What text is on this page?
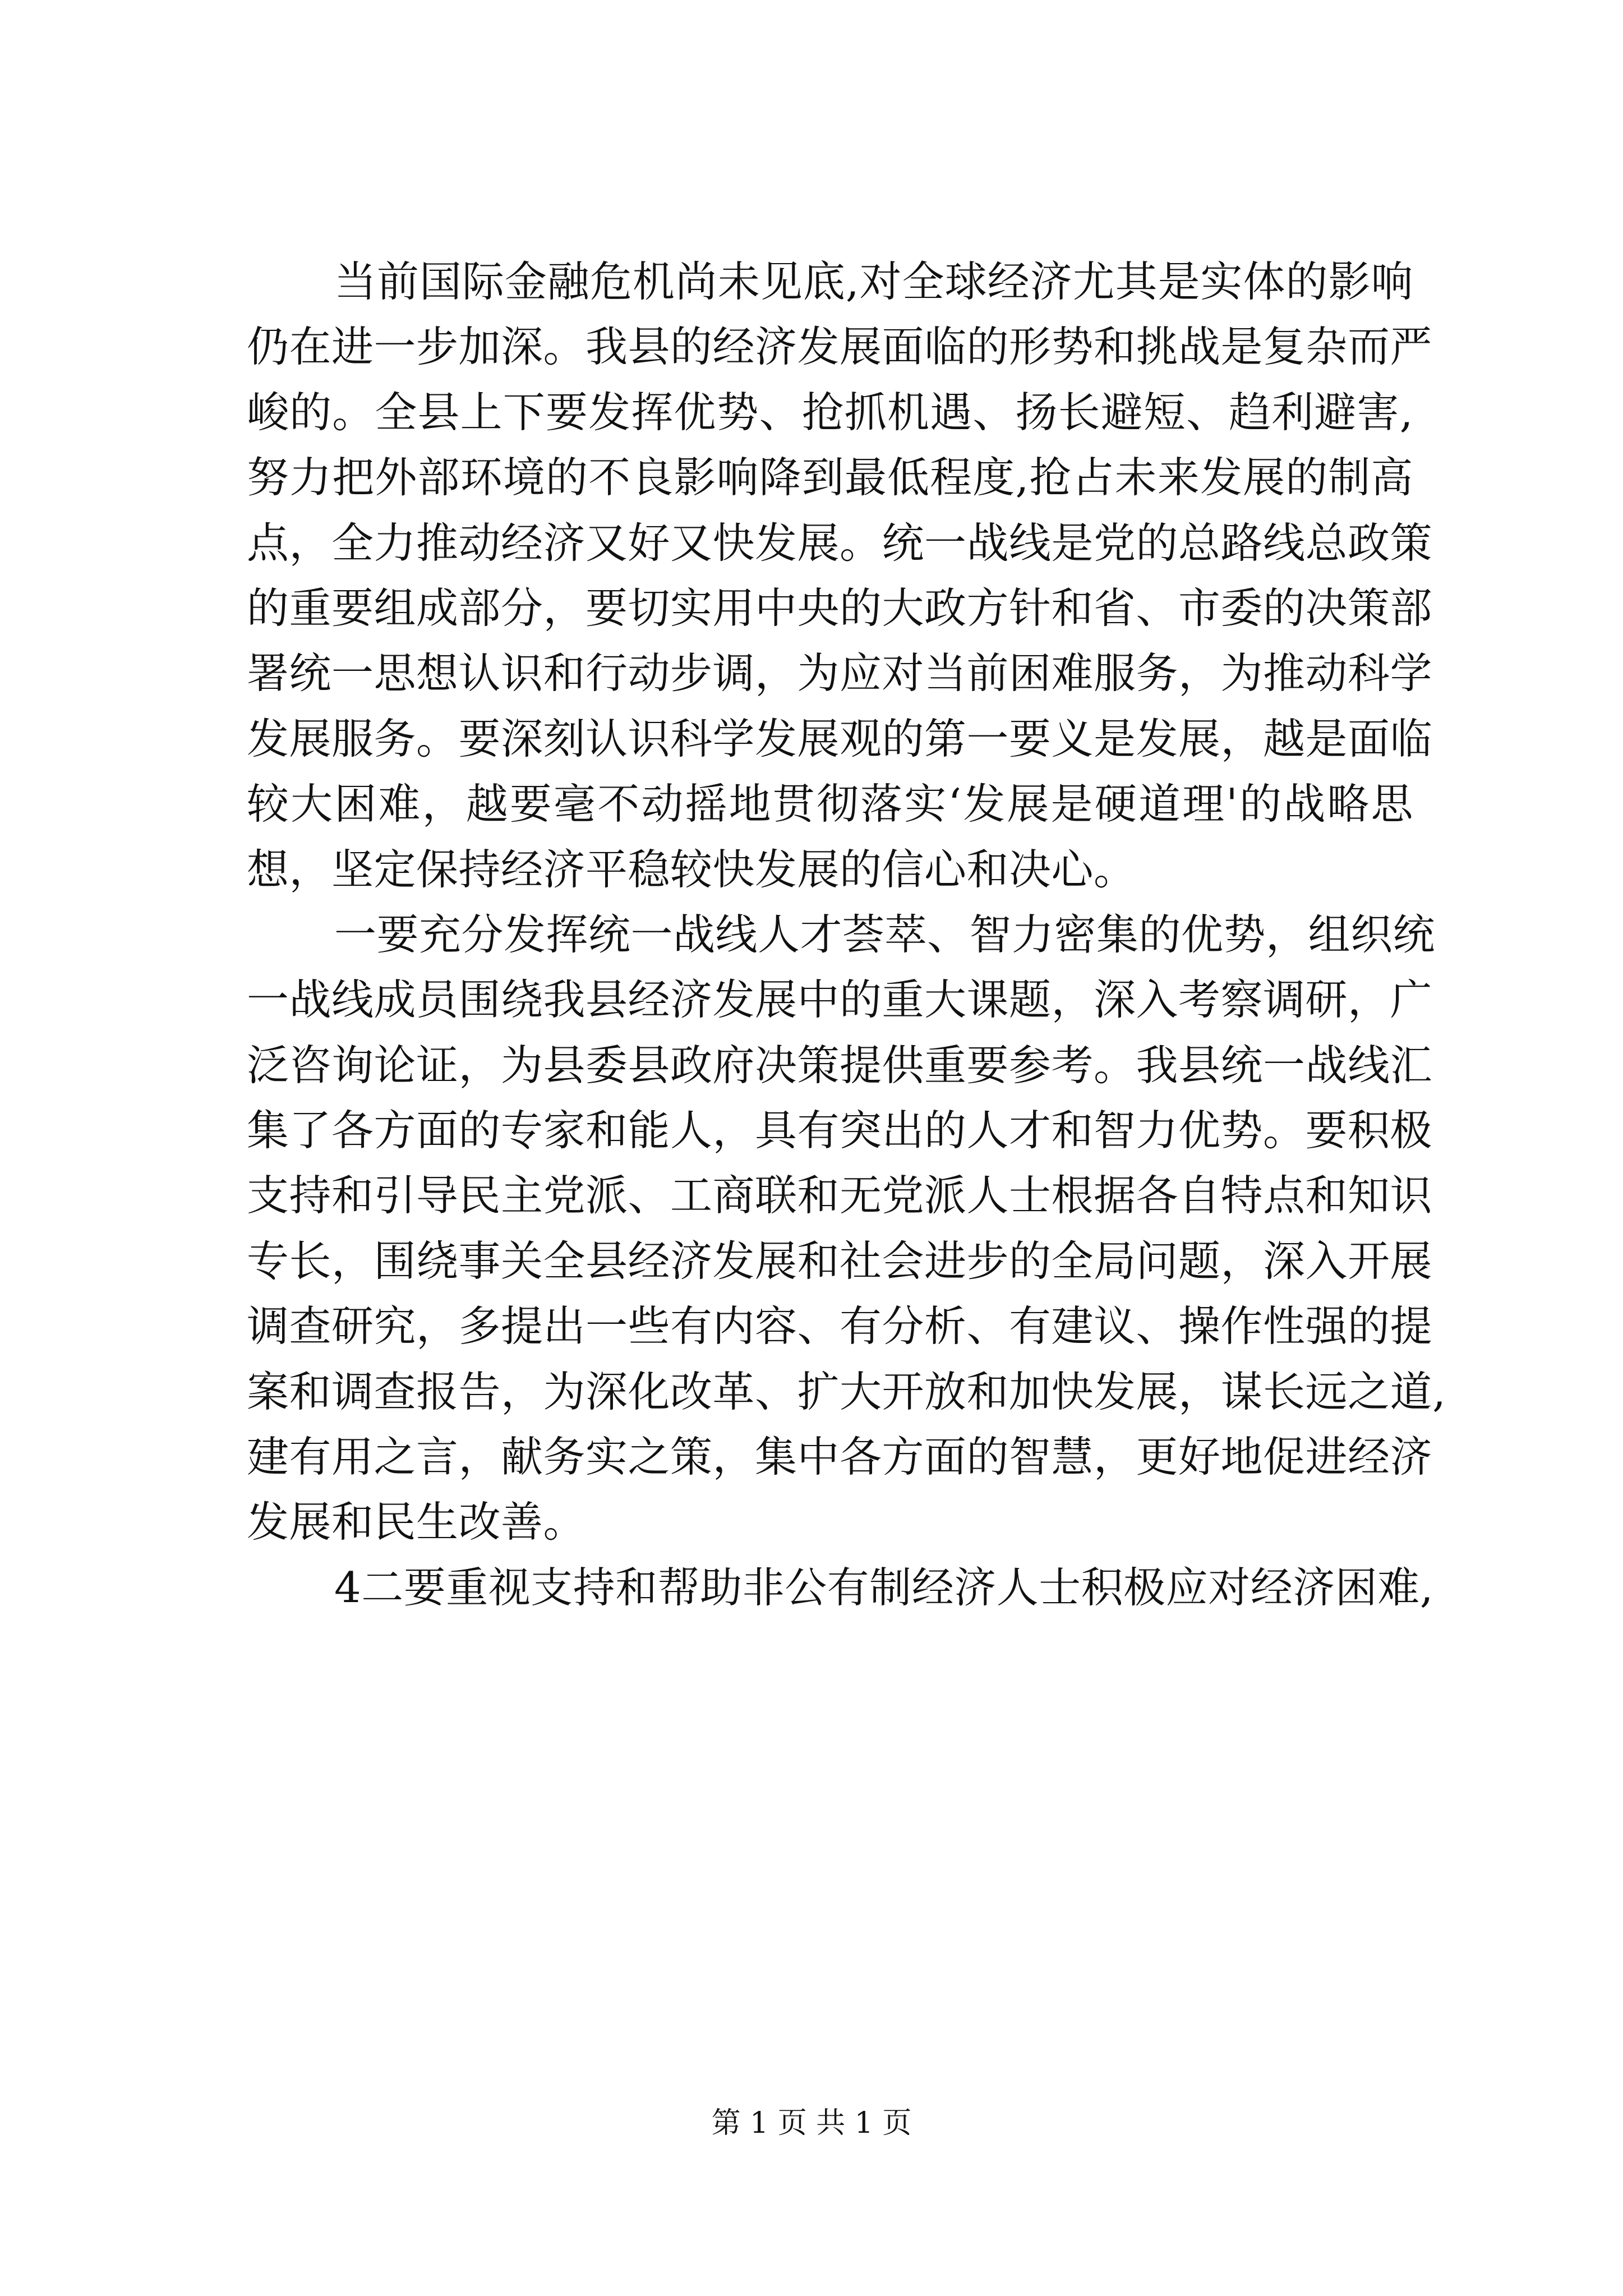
当前国际金融危机尚未见底,对全球经济尤其是实体的影响
仍在进一步加深。我县的经济发展面临的形势和挑战是复杂而严
峻的。全县上下要发挥优势、抢抓机遇、扬长避短、趋利避害,
努力把外部环境的不良影响降到最低程度,抢占未来发展的制高
点，全力推动经济又好又快发展。统一战线是党的总路线总政策
的重要组成部分，要切实用中央的大政方针和省、市委的决策部
署统一思想认识和行动步调，为应对当前困难服务，为推动科学
发展服务。要深刻认识科学发展观的第一要义是发展，越是面临
较大困难，越要毫不动摇地贯彻落实‘发展是硬道理'的战略思
想，坚定保持经济平稳较快发展的信心和决心。
一要充分发挥统一战线人才荟萃、智力密集的优势，组织统
一战线成员围绕我县经济发展中的重大课题，深入考察调研，广
泛咨询论证，为县委县政府决策提供重要参考。我县统一战线汇
集了各方面的专家和能人，具有突出的人才和智力优势。要积极
支持和引导民主党派、工商联和无党派人士根据各自特点和知识
专长，围绕事关全县经济发展和社会进步的全局问题，深入开展
调查研究，多提出一些有内容、有分析、有建议、操作性强的提
案和调查报告，为深化改革、扩大开放和加快发展，谋长远之道,
建有用之言，献务实之策，集中各方面的智慧，更好地促进经济
发展和民生改善。
4二要重视支持和帮助非公有制经济人士积极应对经济困难,
第 1 页 共 1 页
